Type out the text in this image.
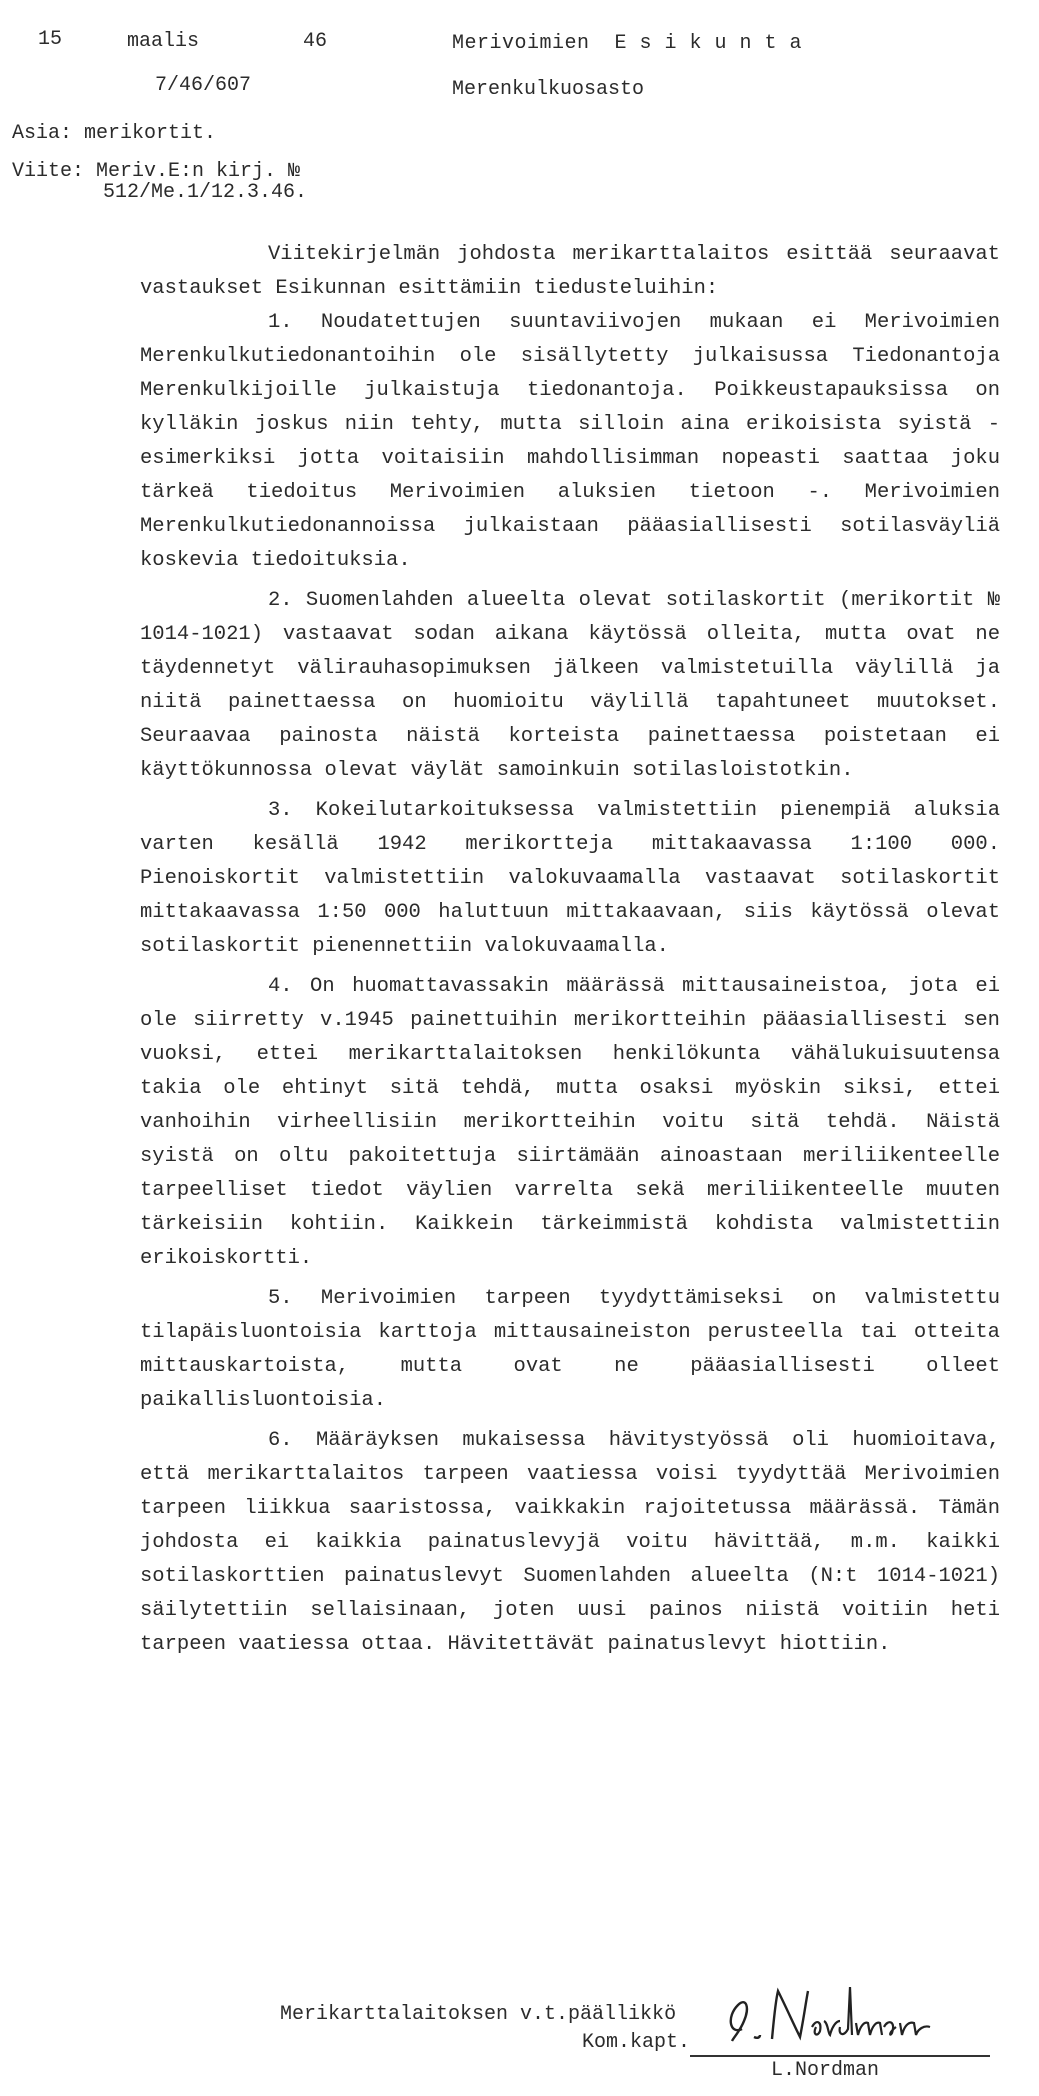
15	maalis	46	Merivoimien  E s i k u n t a
7/46/607	Merenkulkuosasto
Asia: merikortit.
Viite: Meriv.E:n kirj. №
512/Me.1/12.3.46.

Viitekirjelmän johdosta merikarttalaitos esittää seuraavat vastaukset Esikunnan esittämiin tiedusteluihin:

1. Noudatettujen suuntaviivojen mukaan ei Merivoimien Merenkulkutiedonantoihin ole sisällytetty julkaisussa Tiedonantoja Merenkulkijoille julkaistuja tiedonantoja. Poikkeustapauksissa on kylläkin joskus niin tehty, mutta silloin aina erikoisista syistä - esimerkiksi jotta voitaisiin mahdollisimman nopeasti saattaa joku tärkeä tiedoitus Merivoimien aluksien tietoon -. Merivoimien Merenkulkutiedonannoissa julkaistaan pääasiallisesti sotilasväyliä koskevia tiedoituksia.

2. Suomenlahden alueelta olevat sotilaskortit (merikortit № 1014-1021) vastaavat sodan aikana käytössä olleita, mutta ovat ne täydennetyt välirauhasopimuksen jälkeen valmistetuilla väylillä ja niitä painettaessa on huomioitu väylillä tapahtuneet muutokset. Seuraavaa painosta näistä korteista painettaessa poistetaan ei käyttökunnossa olevat väylät samoinkuin sotilasloistotkin.

3. Kokeilutarkoituksessa valmistettiin pienempiä aluksia varten kesällä 1942 merikortteja mittakaavassa 1:100 000. Pienoiskortit valmistettiin valokuvaamalla vastaavat sotilaskortit mittakaavassa 1:50 000 haluttuun mittakaavaan, siis käytössä olevat sotilaskortit pienennettiin valokuvaamalla.

4. On huomattavassakin määrässä mittausaineistoa, jota ei ole siirretty v.1945 painettuihin merikortteihin pääasiallisesti sen vuoksi, ettei merikarttalaitoksen henkilökunta vähälukuisuutensa takia ole ehtinyt sitä tehdä, mutta osaksi myöskin siksi, ettei vanhoihin virheellisiin merikortteihin voitu sitä tehdä. Näistä syistä on oltu pakoitettuja siirtämään ainoastaan meriliikenteelle tarpeelliset tiedot väylien varrelta sekä meriliikenteelle muuten tärkeisiin kohtiin. Kaikkein tärkeimmistä kohdista valmistettiin erikoiskortti.

5. Merivoimien tarpeen tyydyttämiseksi on valmistettu tilapäisluontoisia karttoja mittausaineiston perusteella tai otteita mittauskartoista, mutta ovat ne pääasiallisesti olleet paikallisluontoisia.

6. Määräyksen mukaisessa hävitystyössä oli huomioitava, että merikarttalaitos tarpeen vaatiessa voisi tyydyttää Merivoimien tarpeen liikkua saaristossa, vaikkakin rajoitetussa määrässä. Tämän johdosta ei kaikkia painatuslevyjä voitu hävittää, m.m. kaikki sotilaskorttien painatuslevyt Suomenlahden alueelta (N:t 1014-1021) säilytettiin sellaisinaan, joten uusi painos niistä voitiin heti tarpeen vaatiessa ottaa. Hävitettävät painatuslevyt hiottiin.

Merikarttalaitoksen v.t.päällikkö
Kom.kapt.
L.Nordman
